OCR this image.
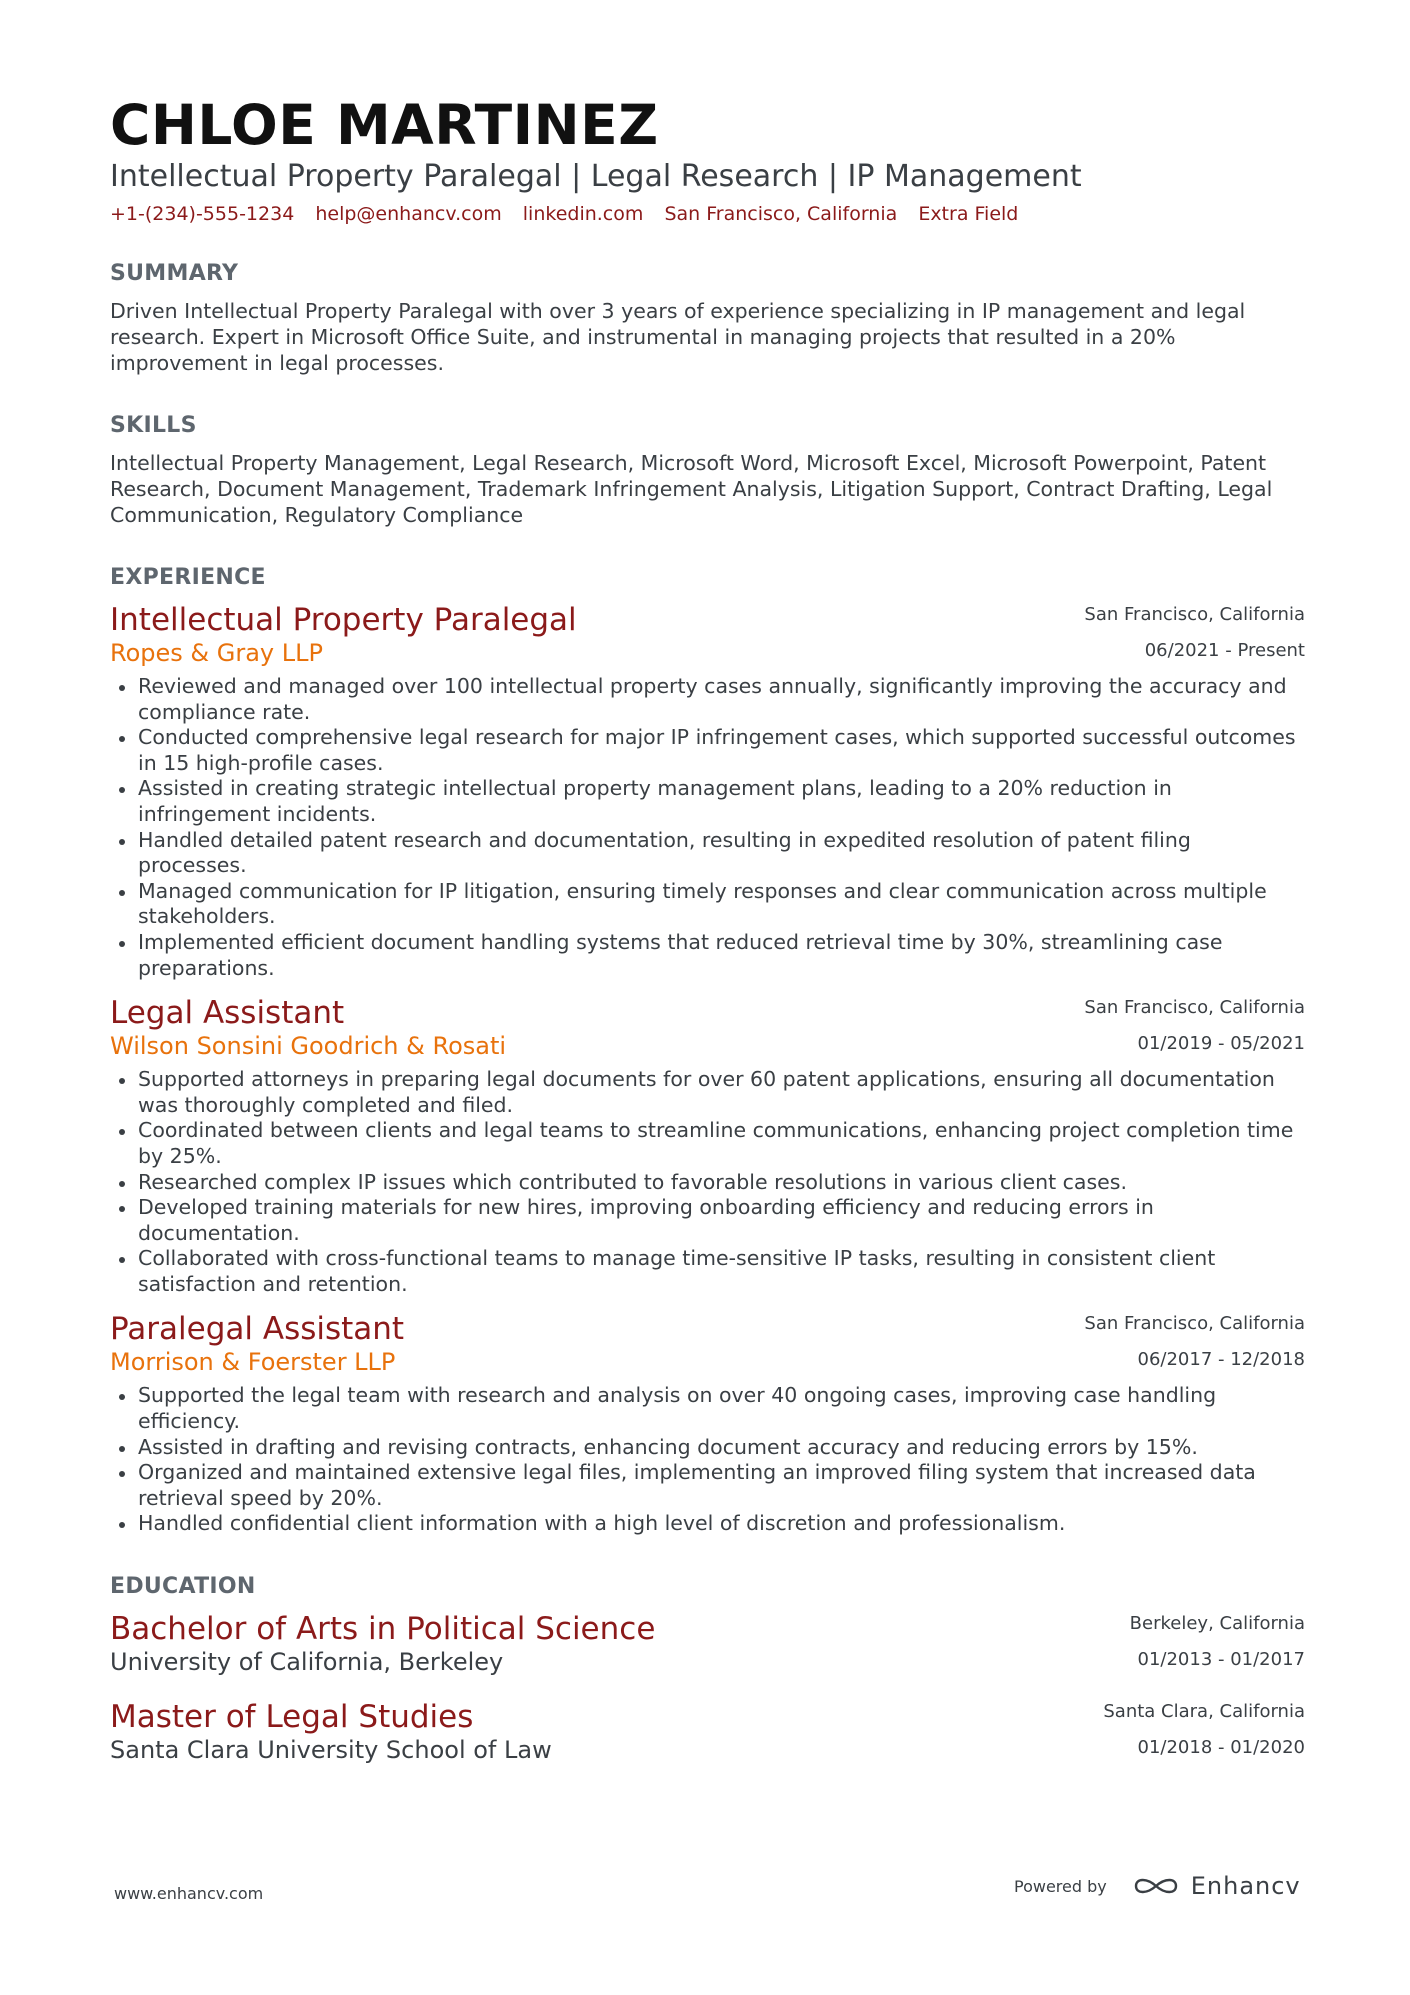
CHLOE MARTINEZ
Intellectual Property Paralegal | Legal Research | IP Management
+1-(234)-555-1234 help@enhancv.com linkedin.com San Francisco, California Extra Field
SUMMARY
Driven Intellectual Property Paralegal with over 3 years of experience specializing in IP management and legal research. Expert in Microsoft Office Suite, and instrumental in managing projects that resulted in a 20% improvement in legal processes.
SKILLS
Intellectual Property Management, Legal Research, Microsoft Word, Microsoft Excel, Microsoft Powerpoint, Patent Research, Document Management, Trademark Infringement Analysis, Litigation Support, Contract Drafting, Legal Communication, Regulatory Compliance
EXPERIENCE
San Francisco, California
06/2021 - Present
Intellectual Property Paralegal
Ropes & Gray LLP
Reviewed and managed over 100 intellectual property cases annually, significantly improving the accuracy and compliance rate.
Conducted comprehensive legal research for major IP infringement cases, which supported successful outcomes in 15 high-profile cases.
Assisted in creating strategic intellectual property management plans, leading to a 20% reduction in infringement incidents.
Handled detailed patent research and documentation, resulting in expedited resolution of patent filing processes.
Managed communication for IP litigation, ensuring timely responses and clear communication across multiple stakeholders.
Implemented efficient document handling systems that reduced retrieval time by 30%, streamlining case preparations.
San Francisco, California
01/2019 - 05/2021
Legal Assistant
Wilson Sonsini Goodrich & Rosati
Supported attorneys in preparing legal documents for over 60 patent applications, ensuring all documentation was thoroughly completed and filed.
Coordinated between clients and legal teams to streamline communications, enhancing project completion time by 25%.
Researched complex IP issues which contributed to favorable resolutions in various client cases.
Developed training materials for new hires, improving onboarding efficiency and reducing errors in documentation.
Collaborated with cross-functional teams to manage time-sensitive IP tasks, resulting in consistent client satisfaction and retention.
San Francisco, California
06/2017 - 12/2018
Paralegal Assistant
Morrison & Foerster LLP
Supported the legal team with research and analysis on over 40 ongoing cases, improving case handling efficiency.
Assisted in drafting and revising contracts, enhancing document accuracy and reducing errors by 15%.
Organized and maintained extensive legal files, implementing an improved filing system that increased data retrieval speed by 20%.
Handled confidential client information with a high level of discretion and professionalism.
EDUCATION
Berkeley, California
01/2013 - 01/2017
Bachelor of Arts in Political Science
University of California, Berkeley
Santa Clara, California
01/2018 - 01/2020
Master of Legal Studies
Santa Clara University School of Law
www.enhancv.com	Powered by	Enhancv
